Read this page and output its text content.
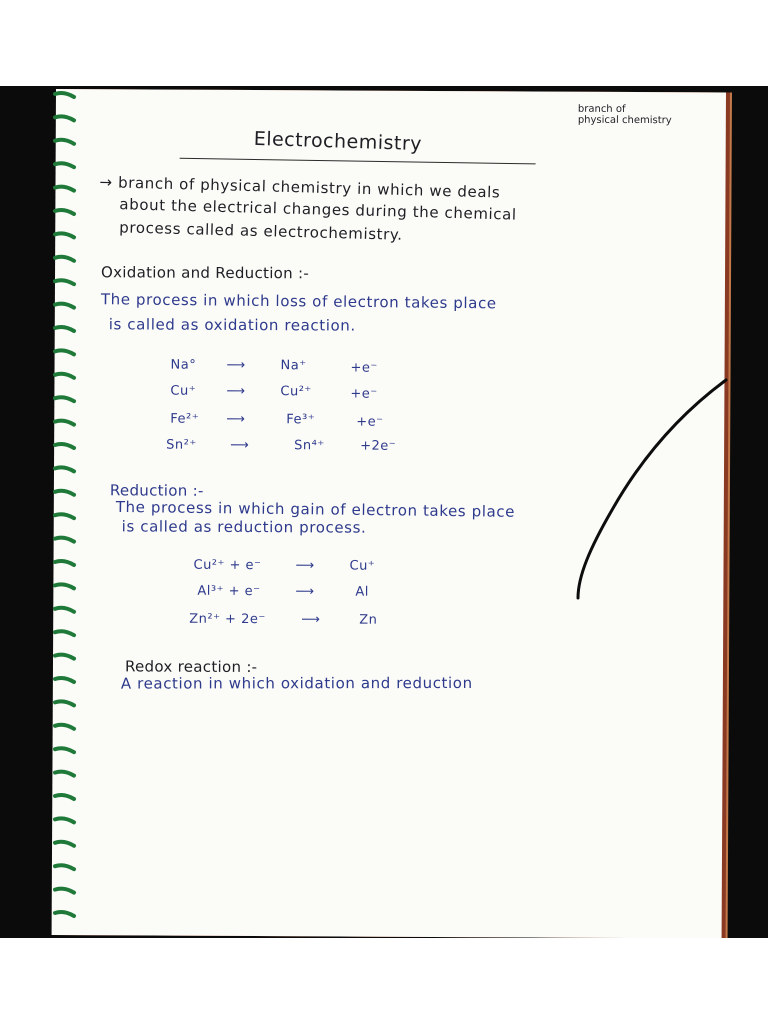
branch of
physical chemistry
Electrochemistry
→ branch of physical chemistry in which we deals
about the electrical changes during the chemical
process called as electrochemistry.
Oxidation and Reduction :-
The process in which loss of electron takes place
is called as oxidation reaction.
Na° ⟶	Na⁺	+e⁻
Cu⁺ ⟶	Cu²⁺	+e⁻
Fe²⁺ ⟶	Fe³⁺	+e⁻
Sn²⁺	⟶	Sn⁴⁺	+2e⁻
Reduction :-
The process in which gain of electron takes place
is called as reduction process.
Cu²⁺ + e⁻	⟶	Cu⁺
Al³⁺ + e⁻	⟶	Al
Zn²⁺ + 2e⁻	⟶	Zn
Redox reaction :-
A reaction in which oxidation and reduction
